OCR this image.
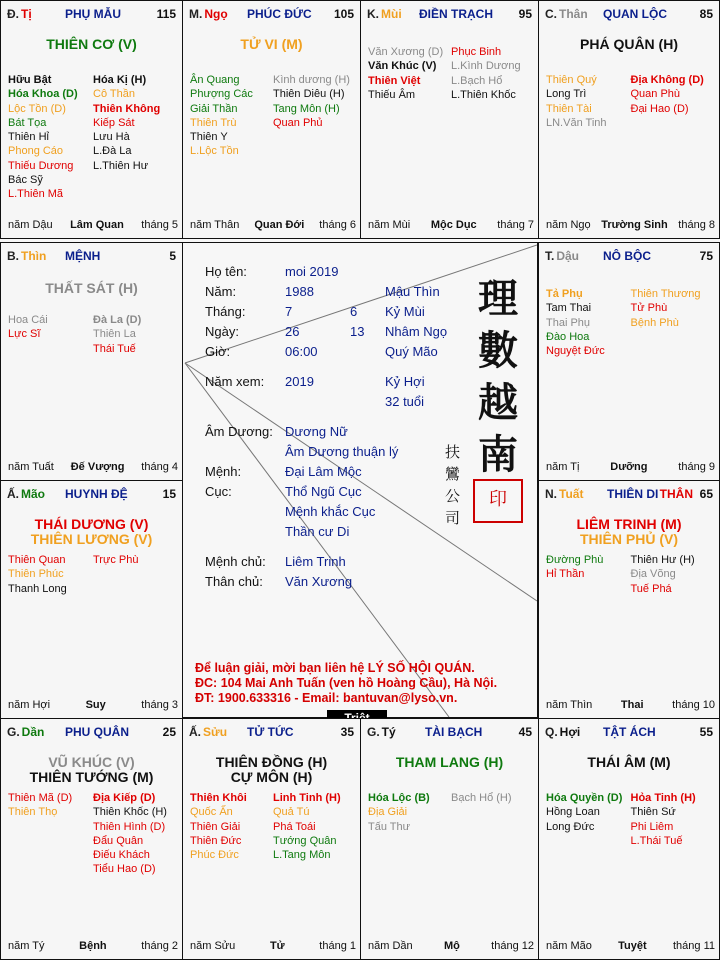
Họ tên:	moi 2019
Năm:	1988	Mậu Thìn
Tháng:	7	6 Kỷ Mùi
Ngày:	26	13 Nhâm Ngọ
Giờ:	06:00	Quý Mão
Năm xem: 2019	Kỷ Hợi
32 tuổi
Âm Dương: Dương Nữ
Âm Dương thuận lý
Mệnh:	Đại Lâm Mộc
Cục:	Thổ Ngũ Cục
Mệnh khắc Cục
Thần cư Di
Mệnh chủ: Liêm Trinh
Thân chủ: Văn Xương
理
數
越
南
扶鸞公司
印
Để luận giải, mời bạn liên hệ LÝ SỐ HỘI QUÁN.
ĐC: 104 Mai Anh Tuấn (ven hồ Hoàng Cầu), Hà Nội.
ĐT: 1900.633316 - Email: bantuvan@lyso.vn.
Đ. Tị	PHỤ MẪU	115
THIÊN CƠ (V)
Hữu Bật
Hóa Khoa (D)
Lộc Tồn (D)
Bát Tọa
Thiên Hỉ
Phong Cáo
Thiếu Dương
Bác Sỹ
L.Thiên Mã
Hóa Kị (H)
Cô Thần
Thiên Không
Kiếp Sát
Lưu Hà
L.Đà La
L.Thiên Hư
năm Dậu Lâm Quan tháng 5
M. Ngọ PHÚC ĐỨC 105
TỬ VI (M)
Ân Quang
Phượng Các
Giải Thần
Thiên Trù
Thiên Y
L.Lộc Tồn
Kình dương (H)
Thiên Diêu (H)
Tang Môn (H)
Quan Phủ
năm Thân Quan Đới tháng 6
K. Mùi ĐIỀN TRẠCH 95
Văn Xương (D)
Văn Khúc (V)
Thiên Việt
Thiếu Âm
Phục Binh
L.Kình Dương
L.Bạch Hổ
L.Thiên Khốc
năm Mùi Mộc Dục tháng 7
C. Thân QUAN LỘC	85
PHÁ QUÂN (H)
Thiên Quý
Long Trì
Thiên Tài
LN.Văn Tinh
Địa Không (D)
Quan Phù
Đại Hao (D)
năm Ngọ Trường Sinh tháng 8
B. Thìn MỆNH	5
THẤT SÁT (H)
Hoa Cái
Lực Sĩ
Đà La (D)
Thiên La
Thái Tuế
năm Tuất Đế Vượng tháng 4
T. Dậu NÔ BỘC	75
Tả Phụ
Tam Thai
Thai Phụ
Đào Hoa
Nguyệt Đức
Thiên Thương
Tử Phù
Bệnh Phù
năm Tị	Dưỡng	tháng 9
Ấ. Mão HUYNH ĐỆ	15
THÁI DƯƠNG (V)
THIÊN LƯƠNG (V)
Thiên Quan
Thiên Phúc
Thanh Long
Trực Phù
năm Hợi	Suy	tháng 3
N. Tuất THIÊN DI	65
THÂN
LIÊM TRINH (M)
THIÊN PHỦ (V)
Đường Phù
Hỉ Thần
Thiên Hư (H)
Địa Võng
Tuế Phá
năm Thìn	Thai	tháng 10
G. Dần PHU QUÂN	25
VŨ KHÚC (V)
THIÊN TƯỚNG (M)
Thiên Mã (D)
Thiên Thọ
Địa Kiếp (D)
Thiên Khốc (H)
Thiên Hình (D)
Đẩu Quân
Điếu Khách
Tiểu Hao (D)
năm Tý	Bệnh	tháng 2
Ấ. Sửu TỬ TỨC	35
THIÊN ĐỒNG (H)
CỰ MÔN (H)
Thiên Khôi
Quốc Ấn
Thiên Giải
Thiên Đức
Phúc Đức
Linh Tinh (H)
Quả Tú
Phá Toái
Tướng Quân
L.Tang Môn
năm Sửu	Tử	tháng 1
G. Tý TÀI BẠCH	45
THAM LANG (H)
Hóa Lộc (B)
Địa Giải
Tấu Thư
Bạch Hổ (H)
năm Dần	Mộ	tháng 12
Q. Hợi TẬT ÁCH	55
THÁI ÂM (M)
Hóa Quyền (D)
Hồng Loan
Long Đức
Hỏa Tinh (H)
Thiên Sứ
Phi Liêm
L.Thái Tuế
năm Mão Tuyệt tháng 11
